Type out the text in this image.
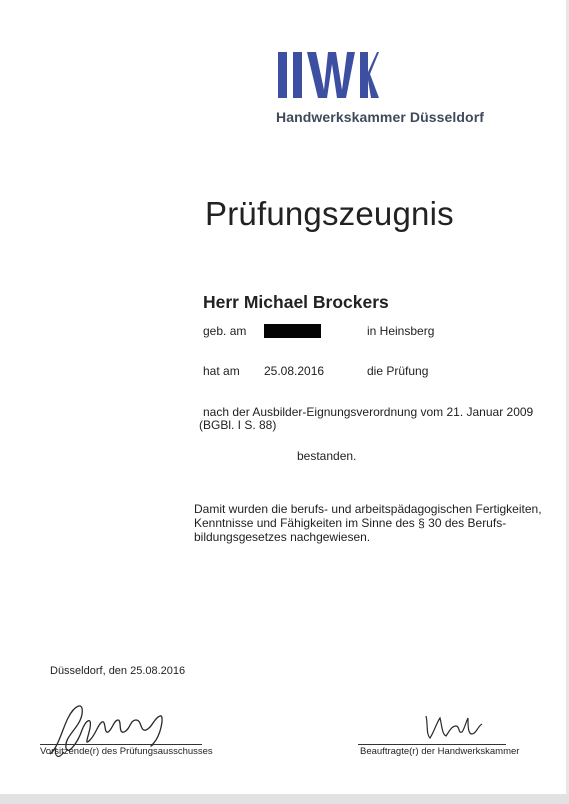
Handwerkskammer Düsseldorf
Prüfungszeugnis
Herr Michael Brockers
geb. am	in Heinsberg
hat am 25.08.2016	die Prüfung
nach der Ausbilder-Eignungsverordnung vom 21. Januar 2009
(BGBl. I S. 88)
bestanden.
Damit wurden die berufs- und arbeitspädagogischen Fertigkeiten,
Kenntnisse und Fähigkeiten im Sinne des § 30 des Berufs-
bildungsgesetzes nachgewiesen.
Düsseldorf, den 25.08.2016
Vorsitzende(r) des Prüfungsausschusses	Beauftragte(r) der Handwerkskammer
